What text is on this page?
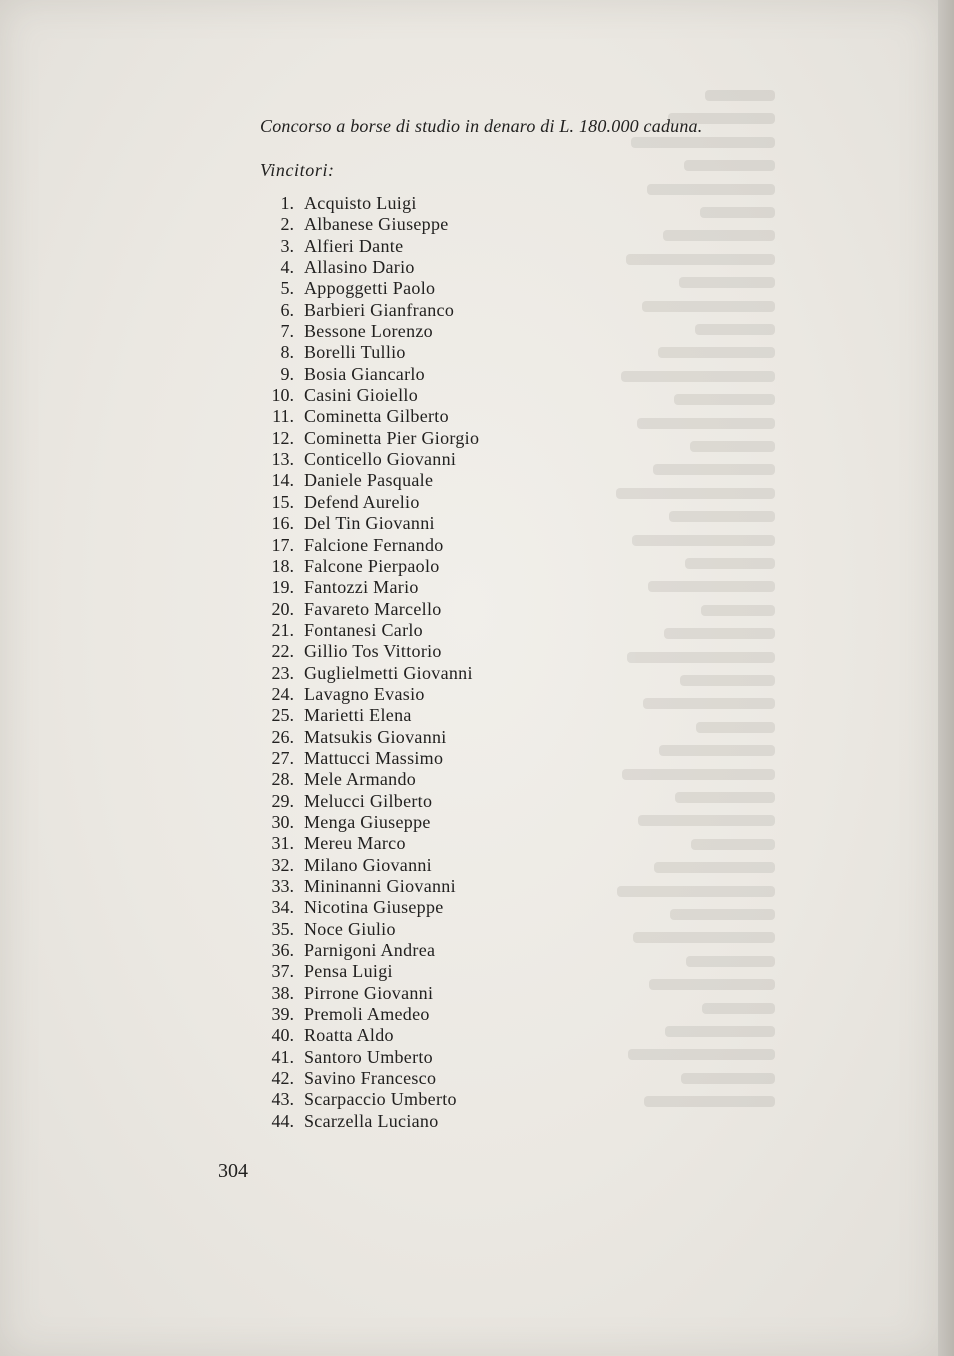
Concorso a borse di studio in denaro di L. 180.000 caduna.
Vincitori:
1. Acquisto Luigi
2. Albanese Giuseppe
3. Alfieri Dante
4. Allasino Dario
5. Appoggetti Paolo
6. Barbieri Gianfranco
7. Bessone Lorenzo
8. Borelli Tullio
9. Bosia Giancarlo
10. Casini Gioiello
11. Cominetta Gilberto
12. Cominetta Pier Giorgio
13. Conticello Giovanni
14. Daniele Pasquale
15. Defend Aurelio
16. Del Tin Giovanni
17. Falcione Fernando
18. Falcone Pierpaolo
19. Fantozzi Mario
20. Favareto Marcello
21. Fontanesi Carlo
22. Gillio Tos Vittorio
23. Guglielmetti Giovanni
24. Lavagno Evasio
25. Marietti Elena
26. Matsukis Giovanni
27. Mattucci Massimo
28. Mele Armando
29. Melucci Gilberto
30. Menga Giuseppe
31. Mereu Marco
32. Milano Giovanni
33. Mininanni Giovanni
34. Nicotina Giuseppe
35. Noce Giulio
36. Parnigoni Andrea
37. Pensa Luigi
38. Pirrone Giovanni
39. Premoli Amedeo
40. Roatta Aldo
41. Santoro Umberto
42. Savino Francesco
43. Scarpaccio Umberto
44. Scarzella Luciano
304
